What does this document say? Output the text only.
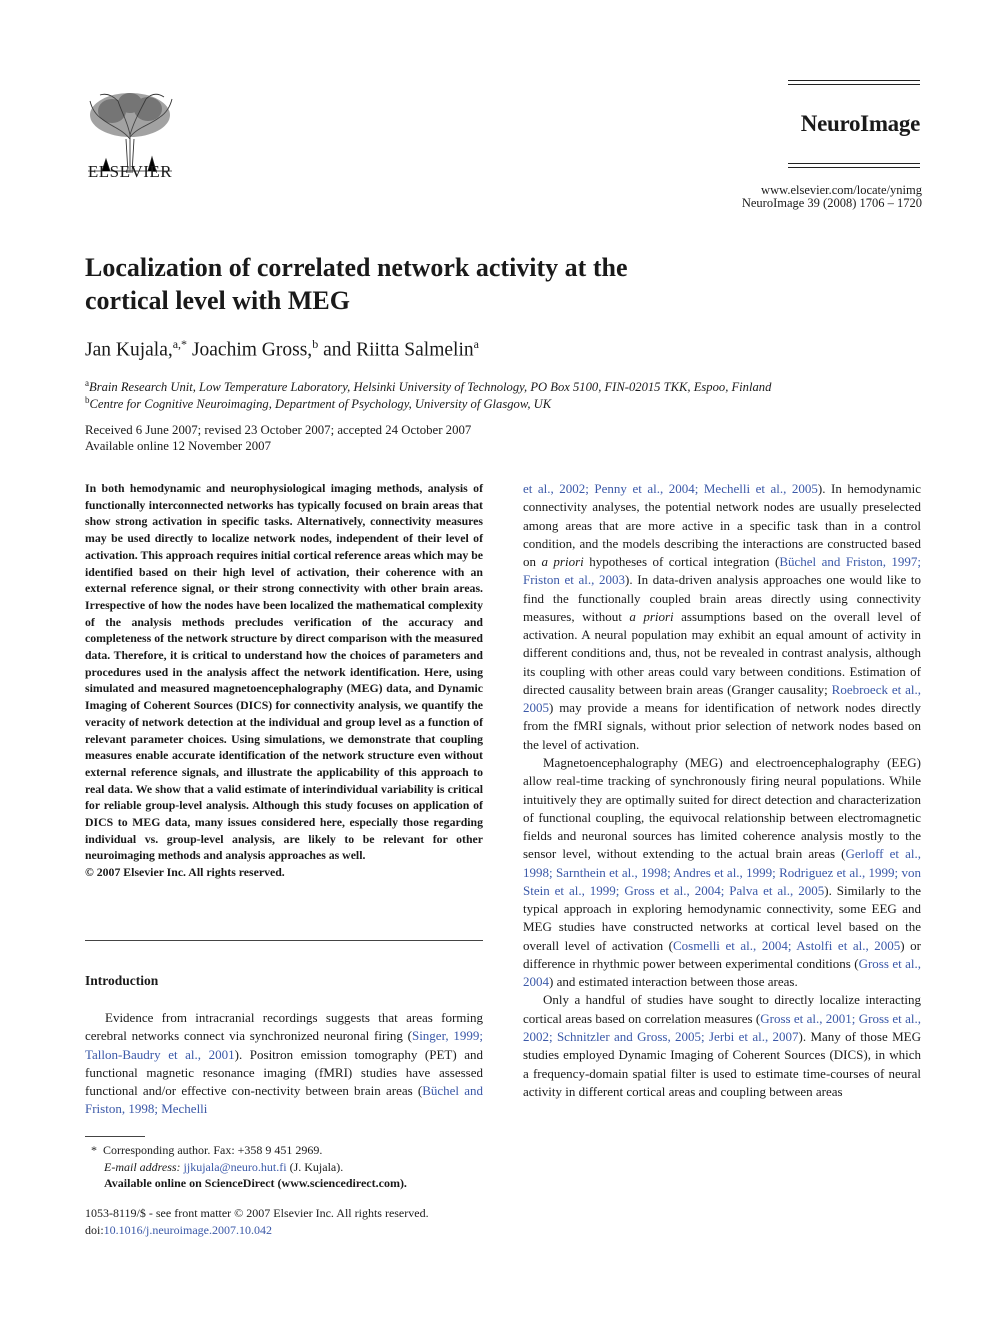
ELSEVIER
NeuroImage
www.elsevier.com/locate/ynimg
NeuroImage 39 (2008) 1706 – 1720
Localization of correlated network activity at the
cortical level with MEG
Jan Kujala,$^{a,*}$ Joachim Gross,$^b$ and Riitta Salmelin$^a$
$^a$Brain Research Unit, Low Temperature Laboratory, Helsinki University of Technology, PO Box 5100, FIN-02015 TKK, Espoo, Finland
$^b$Centre for Cognitive Neuroimaging, Department of Psychology, University of Glasgow, UK
Received 6 June 2007; revised 23 October 2007; accepted 24 October 2007
Available online 12 November 2007

In both hemodynamic and neurophysiological imaging methods, analysis of functionally interconnected networks has typically focused on brain areas that show strong activation in specific tasks. Alternatively, connectivity measures may be used directly to localize network nodes, independent of their level of activation. This approach requires initial cortical reference areas which may be identified based on their high level of activation, their coherence with an external reference signal, or their strong connectivity with other brain areas. Irrespective of how the nodes have been localized the mathematical complexity of the analysis methods precludes verification of the accuracy and completeness of the network structure by direct comparison with the measured data. Therefore, it is critical to understand how the choices of parameters and procedures used in the analysis affect the network identification. Here, using simulated and measured magnetoencephalography (MEG) data, and Dynamic Imaging of Coherent Sources (DICS) for connectivity analysis, we quantify the veracity of network detection at the individual and group level as a function of relevant parameter choices. Using simulations, we demonstrate that coupling measures enable accurate identification of the network structure even without external reference signals, and illustrate the applicability of this approach to real data. We show that a valid estimate of interindividual variability is critical for reliable group-level analysis. Although this study focuses on application of DICS to MEG data, many issues considered here, especially those regarding individual vs. group-level analysis, are likely to be relevant for other neuroimaging methods and analysis approaches as well.

© 2007 Elsevier Inc. All rights reserved.

Introduction
Evidence from intracranial recordings suggests that areas forming cerebral networks connect via synchronized neuronal firing (Singer, 1999; Tallon-Baudry et al., 2001). Positron emission tomography (PET) and functional magnetic resonance imaging (fMRI) studies have assessed functional and/or effective con-nectivity between brain areas (Büchel and Friston, 1998; Mechelli
* Corresponding author. Fax: +358 9 451 2969.
E-mail address: jjkujala@neuro.hut.fi (J. Kujala).
Available online on ScienceDirect (www.sciencedirect.com).
1053-8119/$ - see front matter © 2007 Elsevier Inc. All rights reserved.
doi:10.1016/j.neuroimage.2007.10.042

et al., 2002; Penny et al., 2004; Mechelli et al., 2005). In hemodynamic connectivity analyses, the potential network nodes are usually preselected among areas that are more active in a specific task than in a control condition, and the models describing the interactions are constructed based on a priori hypotheses of cortical integration (Büchel and Friston, 1997; Friston et al., 2003). In data-driven analysis approaches one would like to find the functionally coupled brain areas directly using connectivity measures, without a priori assumptions based on the overall level of activation. A neural population may exhibit an equal amount of activity in different conditions and, thus, not be revealed in contrast analysis, although its coupling with other areas could vary between conditions. Estimation of directed causality between brain areas (Granger causality; Roebroeck et al., 2005) may provide a means for identification of network nodes directly from the fMRI signals, without prior selection of network nodes based on the level of activation.

Magnetoencephalography (MEG) and electroencephalography (EEG) allow real-time tracking of synchronously firing neural populations. While intuitively they are optimally suited for direct detection and characterization of functional coupling, the equivocal relationship between electromagnetic fields and neuronal sources has limited coherence analysis mostly to the sensor level, without extending to the actual brain areas (Gerloff et al., 1998; Sarnthein et al., 1998; Andres et al., 1999; Rodriguez et al., 1999; von Stein et al., 1999; Gross et al., 2004; Palva et al., 2005). Similarly to the typical approach in exploring hemodynamic connectivity, some EEG and MEG studies have constructed networks at cortical level based on the overall level of activation (Cosmelli et al., 2004; Astolfi et al., 2005) or difference in rhythmic power between experimental conditions (Gross et al., 2004) and estimated interaction between those areas.

Only a handful of studies have sought to directly localize interacting cortical areas based on correlation measures (Gross et al., 2001; Gross et al., 2002; Schnitzler and Gross, 2005; Jerbi et al., 2007). Many of those MEG studies employed Dynamic Imaging of Coherent Sources (DICS), in which a frequency-domain spatial filter is used to estimate time-courses of neural activity in different cortical areas and coupling between areas
